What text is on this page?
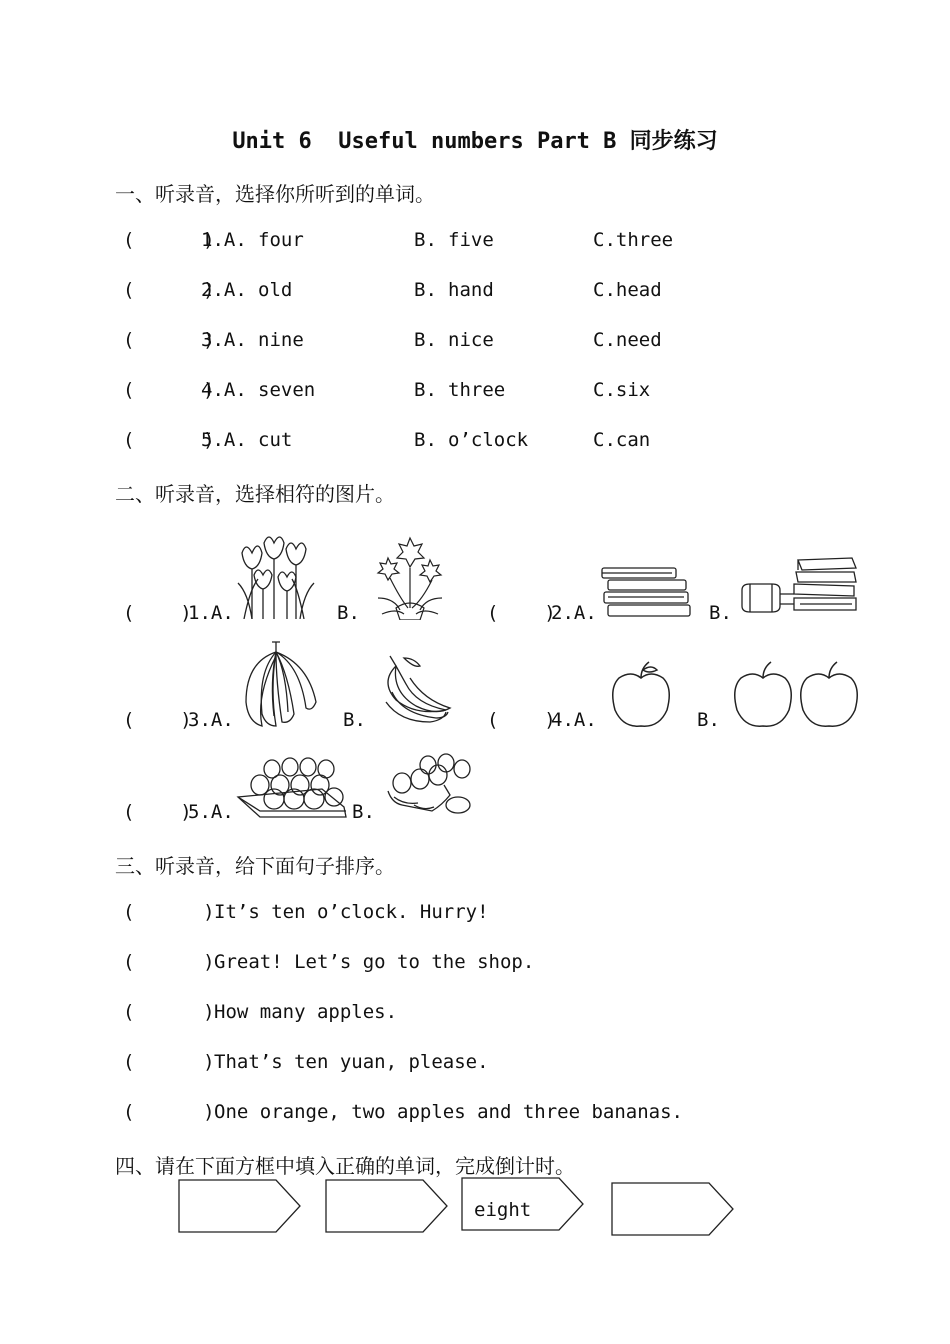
Unit 6  Useful numbers Part B 同步练习
一、听录音，选择你所听到的单词。
(      )
1.A. four	B. five	C.three
(      )
2.A. old	B. hand	C.head
(      )
3.A. nine	B. nice	C.need
(      )
4.A. seven	B. three	C.six
(      )
5.A. cut	B. o’clock	C.can
二、听录音，选择相符的图片。
(    )
1.A.	B.	(    )
2.A.	B.
(    )
3.A.	B.	(    )
4.A.	B.
(    )
5.A.	B.
三、听录音，给下面句子排序。
(      ) It’s ten o’clock. Hurry!
(      ) Great! Let’s go to the shop.
(      ) How many apples.
(      ) That’s ten yuan, please.
(      ) One orange, two apples and three bananas.
四、请在下面方框中填入正确的单词，完成倒计时。
eight
